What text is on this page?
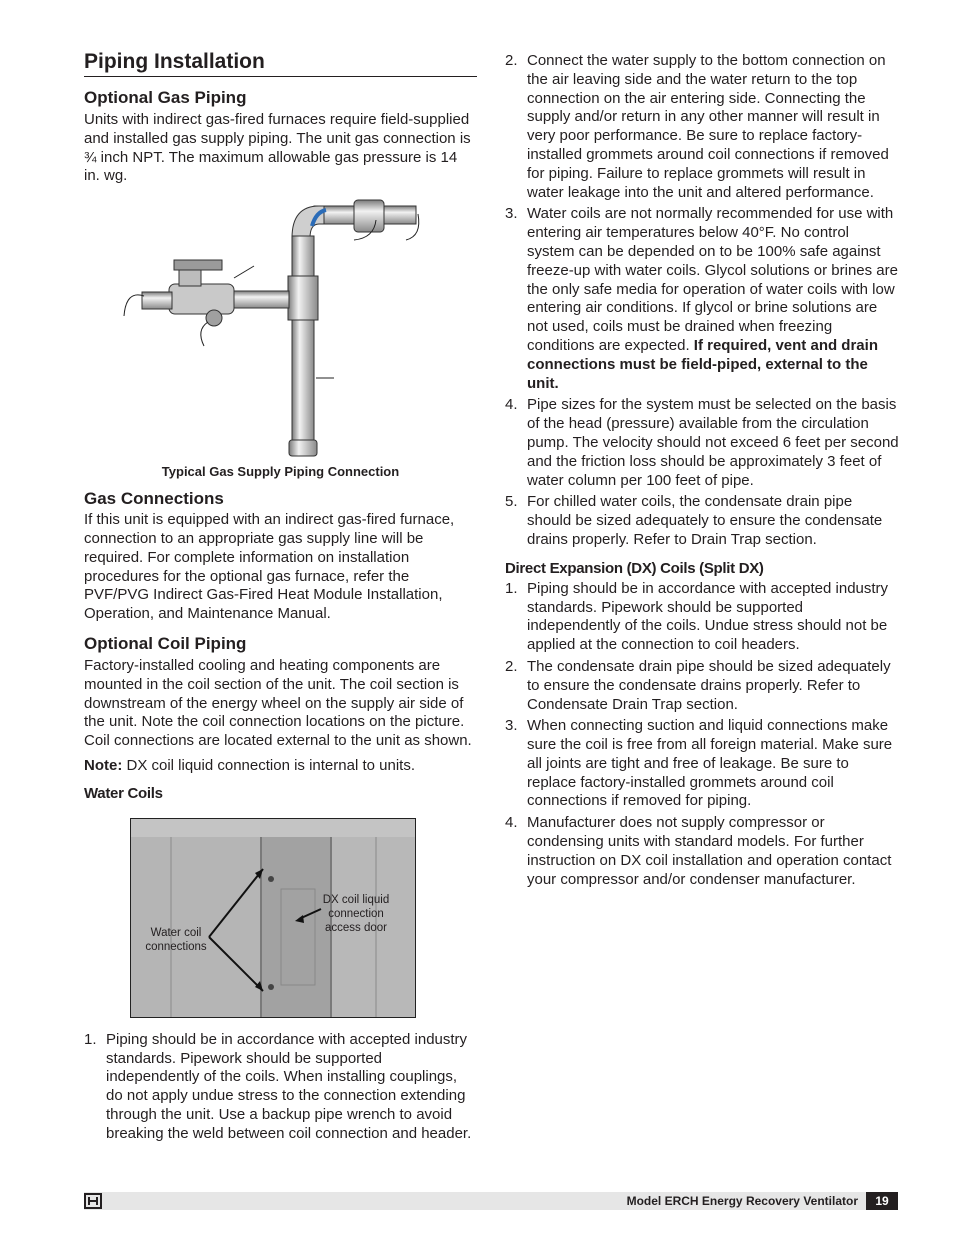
Piping Installation
Optional Gas Piping

Units with indirect gas-fired furnaces require field-supplied and installed gas supply piping. The unit gas connection is ¾ inch NPT. The maximum allowable gas pressure is 14 in. wg.

Typical Gas Supply Piping Connection
Gas Connections

If this unit is equipped with an indirect gas-fired furnace, connection to an appropriate gas supply line will be required. For complete information on installation procedures for the optional gas furnace, refer the PVF/PVG Indirect Gas-Fired Heat Module Installation, Operation, and Maintenance Manual.

Optional Coil Piping

Factory-installed cooling and heating components are mounted in the coil section of the unit. The coil section is downstream of the energy wheel on the supply air side of the unit. Note the coil connection locations on the picture. Coil connections are located external to the unit as shown.

Note: DX coil liquid connection is internal to units.

Water Coils
Water coil connections
DX coil liquid connection access door
1. Piping should be in accordance with accepted industry standards. Pipework should be supported independently of the coils. When installing couplings, do not apply undue stress to the connection extending through the unit. Use a backup pipe wrench to avoid breaking the weld between coil connection and header.
2. Connect the water supply to the bottom connection on the air leaving side and the water return to the top connection on the air entering side. Connecting the supply and/or return in any other manner will result in very poor performance. Be sure to replace factory-installed grommets around coil connections if removed for piping. Failure to replace grommets will result in water leakage into the unit and altered performance.
3. Water coils are not normally recommended for use with entering air temperatures below 40°F. No control system can be depended on to be 100% safe against freeze-up with water coils. Glycol solutions or brines are the only safe media for operation of water coils with low entering air conditions. If glycol or brine solutions are not used, coils must be drained when freezing conditions are expected. If required, vent and drain connections must be field-piped, external to the unit.
4. Pipe sizes for the system must be selected on the basis of the head (pressure) available from the circulation pump. The velocity should not exceed 6 feet per second and the friction loss should be approximately 3 feet of water column per 100 feet of pipe.
5. For chilled water coils, the condensate drain pipe should be sized adequately to ensure the condensate drains properly. Refer to Drain Trap section.
Direct Expansion (DX) Coils (Split DX)
1. Piping should be in accordance with accepted industry standards. Pipework should be supported independently of the coils. Undue stress should not be applied at the connection to coil headers.
2. The condensate drain pipe should be sized adequately to ensure the condensate drains properly. Refer to Condensate Drain Trap section.
3. When connecting suction and liquid connections make sure the coil is free from all foreign material. Make sure all joints are tight and free of leakage. Be sure to replace factory-installed grommets around coil connections if removed for piping.
4. Manufacturer does not supply compressor or condensing units with standard models. For further instruction on DX coil installation and operation contact your compressor and/or condenser manufacturer.
Model ERCH Energy Recovery Ventilator	19
